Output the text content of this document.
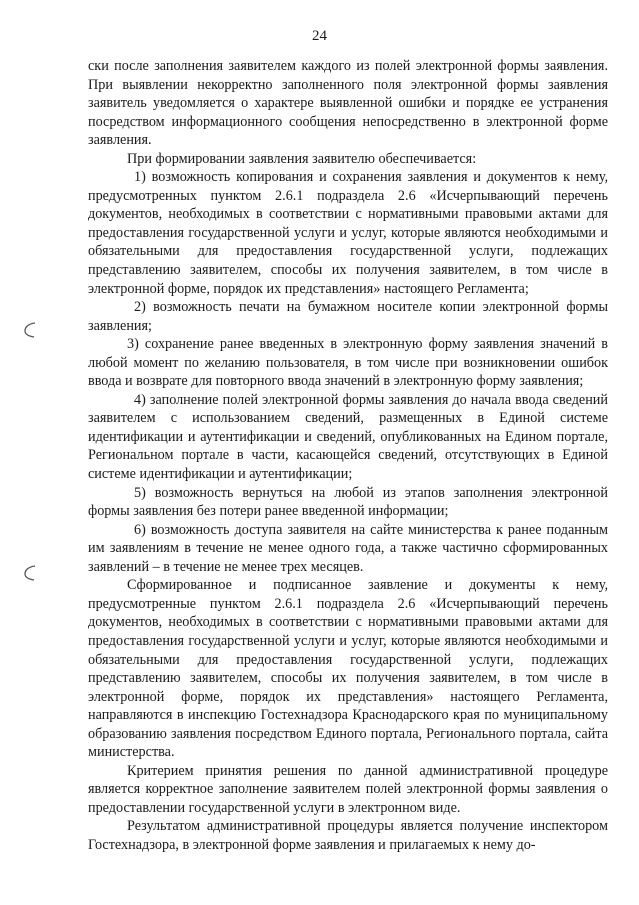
24

ски после заполнения заявителем каждого из полей электронной формы заявления. При выявлении некорректно заполненного поля электронной формы заявления заявитель уведомляется о характере выявленной ошибки и порядке ее устранения посредством информационного сообщения непосредственно в электронной форме заявления.

При формировании заявления заявителю обеспечивается:

1) возможность копирования и сохранения заявления и документов к нему, предусмотренных пунктом 2.6.1 подраздела 2.6 «Исчерпывающий перечень документов, необходимых в соответствии с нормативными правовыми актами для предоставления государственной услуги и услуг, которые являются необходимыми и обязательными для предоставления государственной услуги, подлежащих представлению заявителем, способы их получения заявителем, в том числе в электронной форме, порядок их представления» настоящего Регламента;

2) возможность печати на бумажном носителе копии электронной формы заявления;

3) сохранение ранее введенных в электронную форму заявления значений в любой момент по желанию пользователя, в том числе при возникновении ошибок ввода и возврате для повторного ввода значений в электронную форму заявления;

4) заполнение полей электронной формы заявления до начала ввода сведений заявителем с использованием сведений, размещенных в Единой системе идентификации и аутентификации и сведений, опубликованных на Едином портале, Региональном портале в части, касающейся сведений, отсутствующих в Единой системе идентификации и аутентификации;

5) возможность вернуться на любой из этапов заполнения электронной формы заявления без потери ранее введенной информации;

6) возможность доступа заявителя на сайте министерства к ранее поданным им заявлениям в течение не менее одного года, а также частично сформированных заявлений – в течение не менее трех месяцев.

Сформированное и подписанное заявление и документы к нему, предусмотренные пунктом 2.6.1 подраздела 2.6 «Исчерпывающий перечень документов, необходимых в соответствии с нормативными правовыми актами для предоставления государственной услуги и услуг, которые являются необходимыми и обязательными для предоставления государственной услуги, подлежащих представлению заявителем, способы их получения заявителем, в том числе в электронной форме, порядок их представления» настоящего Регламента, направляются в инспекцию Гостехнадзора Краснодарского края по муниципальному образованию заявления посредством Единого портала, Регионального портала, сайта министерства.

Критерием принятия решения по данной административной процедуре является корректное заполнение заявителем полей электронной формы заявления о предоставлении государственной услуги в электронном виде.

Результатом административной процедуры является получение инспектором Гостехнадзора, в электронной форме заявления и прилагаемых к нему до-
